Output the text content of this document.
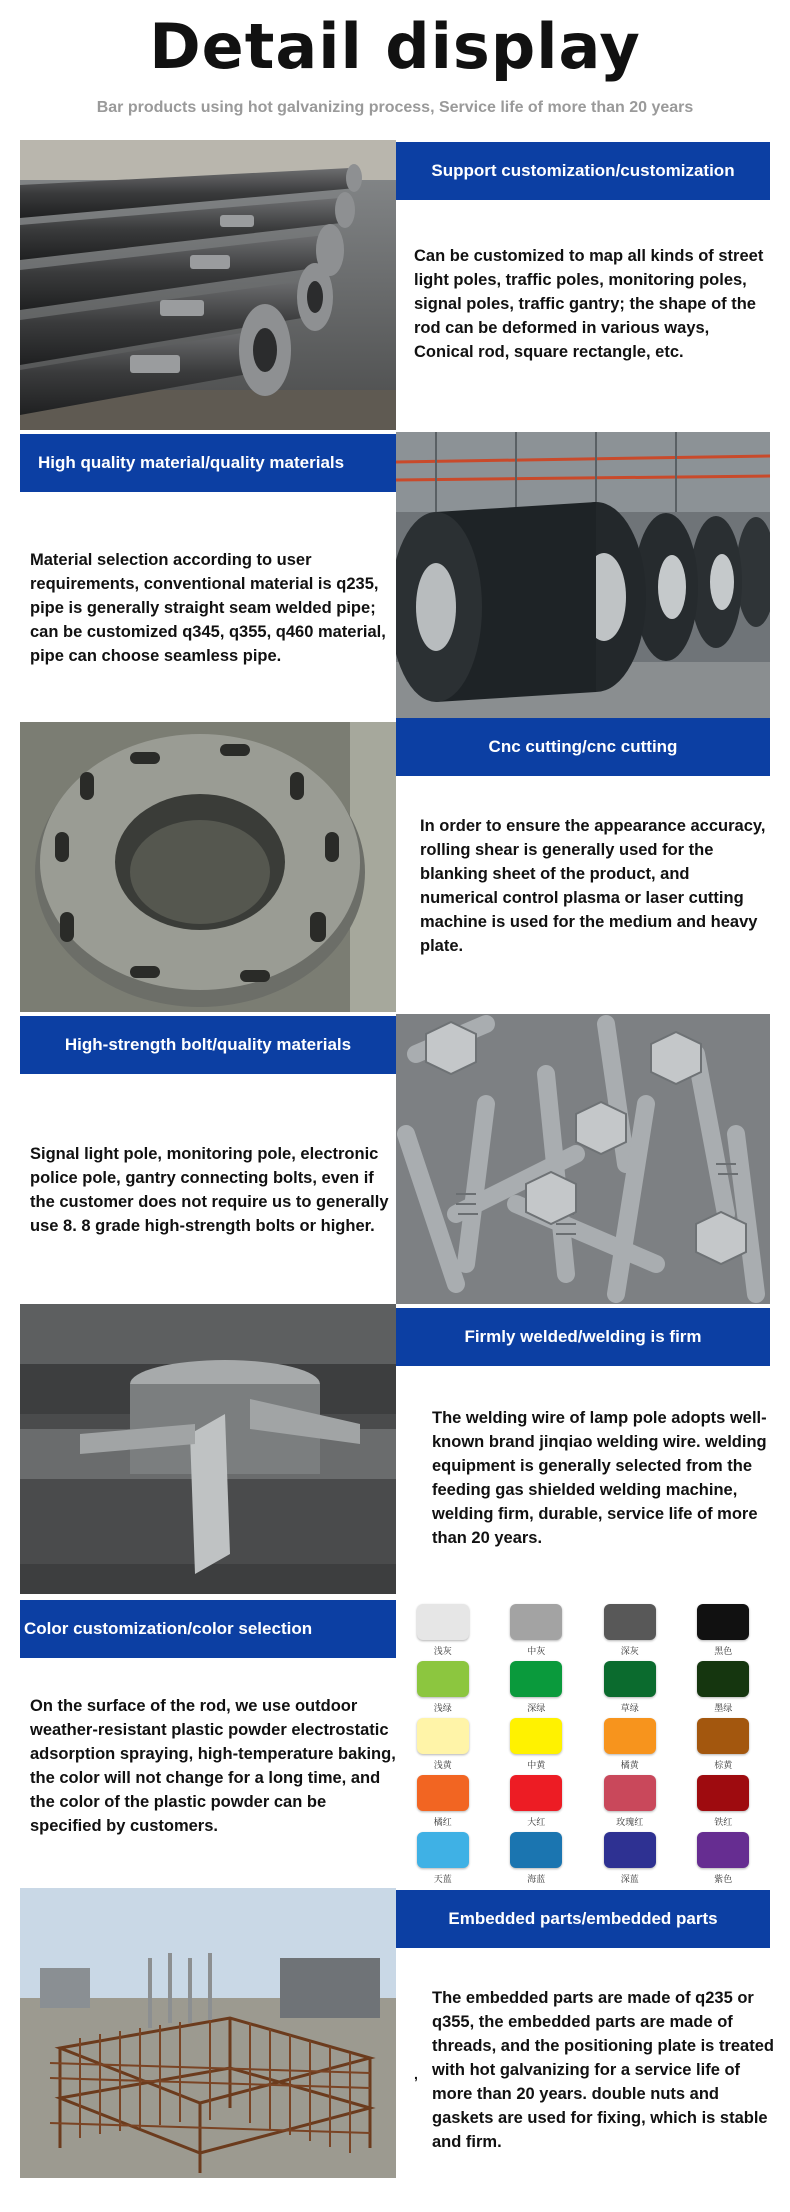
Detail display
Bar products using hot galvanizing process, Service life of more than 20 years
Support customization/customization
Can be customized to map all kinds of street light poles, traffic poles, monitoring poles, signal poles, traffic gantry; the shape of the rod can be deformed in various ways, Conical rod, square rectangle, etc.
High quality material/quality materials
Material selection according to user requirements, conventional material is q235, pipe is generally straight seam welded pipe; can be customized q345, q355, q460 material, pipe can choose seamless pipe.
Cnc cutting/cnc cutting
In order to ensure the appearance accuracy, rolling shear is generally used for the blanking sheet of the product, and numerical control plasma or laser cutting machine is used for the medium and heavy plate.
High-strength bolt/quality materials
Signal light pole, monitoring pole, electronic police pole, gantry connecting bolts, even if the customer does not require us to generally use 8. 8 grade high-strength bolts or higher.
Firmly welded/welding is firm
The welding wire of lamp pole adopts well-known brand jinqiao welding wire. welding equipment is generally selected from the feeding gas shielded welding machine, welding firm, durable, service life of more than 20 years.
Color customization/color selection
On the surface of the rod, we use outdoor weather-resistant plastic powder electrostatic adsorption spraying, high-temperature baking, the color will not change for a long time, and the color of the plastic powder can be specified by customers.
浅灰	中灰	深灰	黑色
浅绿	深绿	草绿	墨绿
浅黄	中黄	橘黄	棕黄
橘红	大红	玫瑰红	铁红
天蓝	海蓝	深蓝	紫色
Embedded parts/embedded parts
,
The embedded parts are made of q235 or q355, the embedded parts are made of threads, and the positioning plate is treated with hot galvanizing for a service life of more than 20 years. double nuts and gaskets are used for fixing, which is stable and firm.
